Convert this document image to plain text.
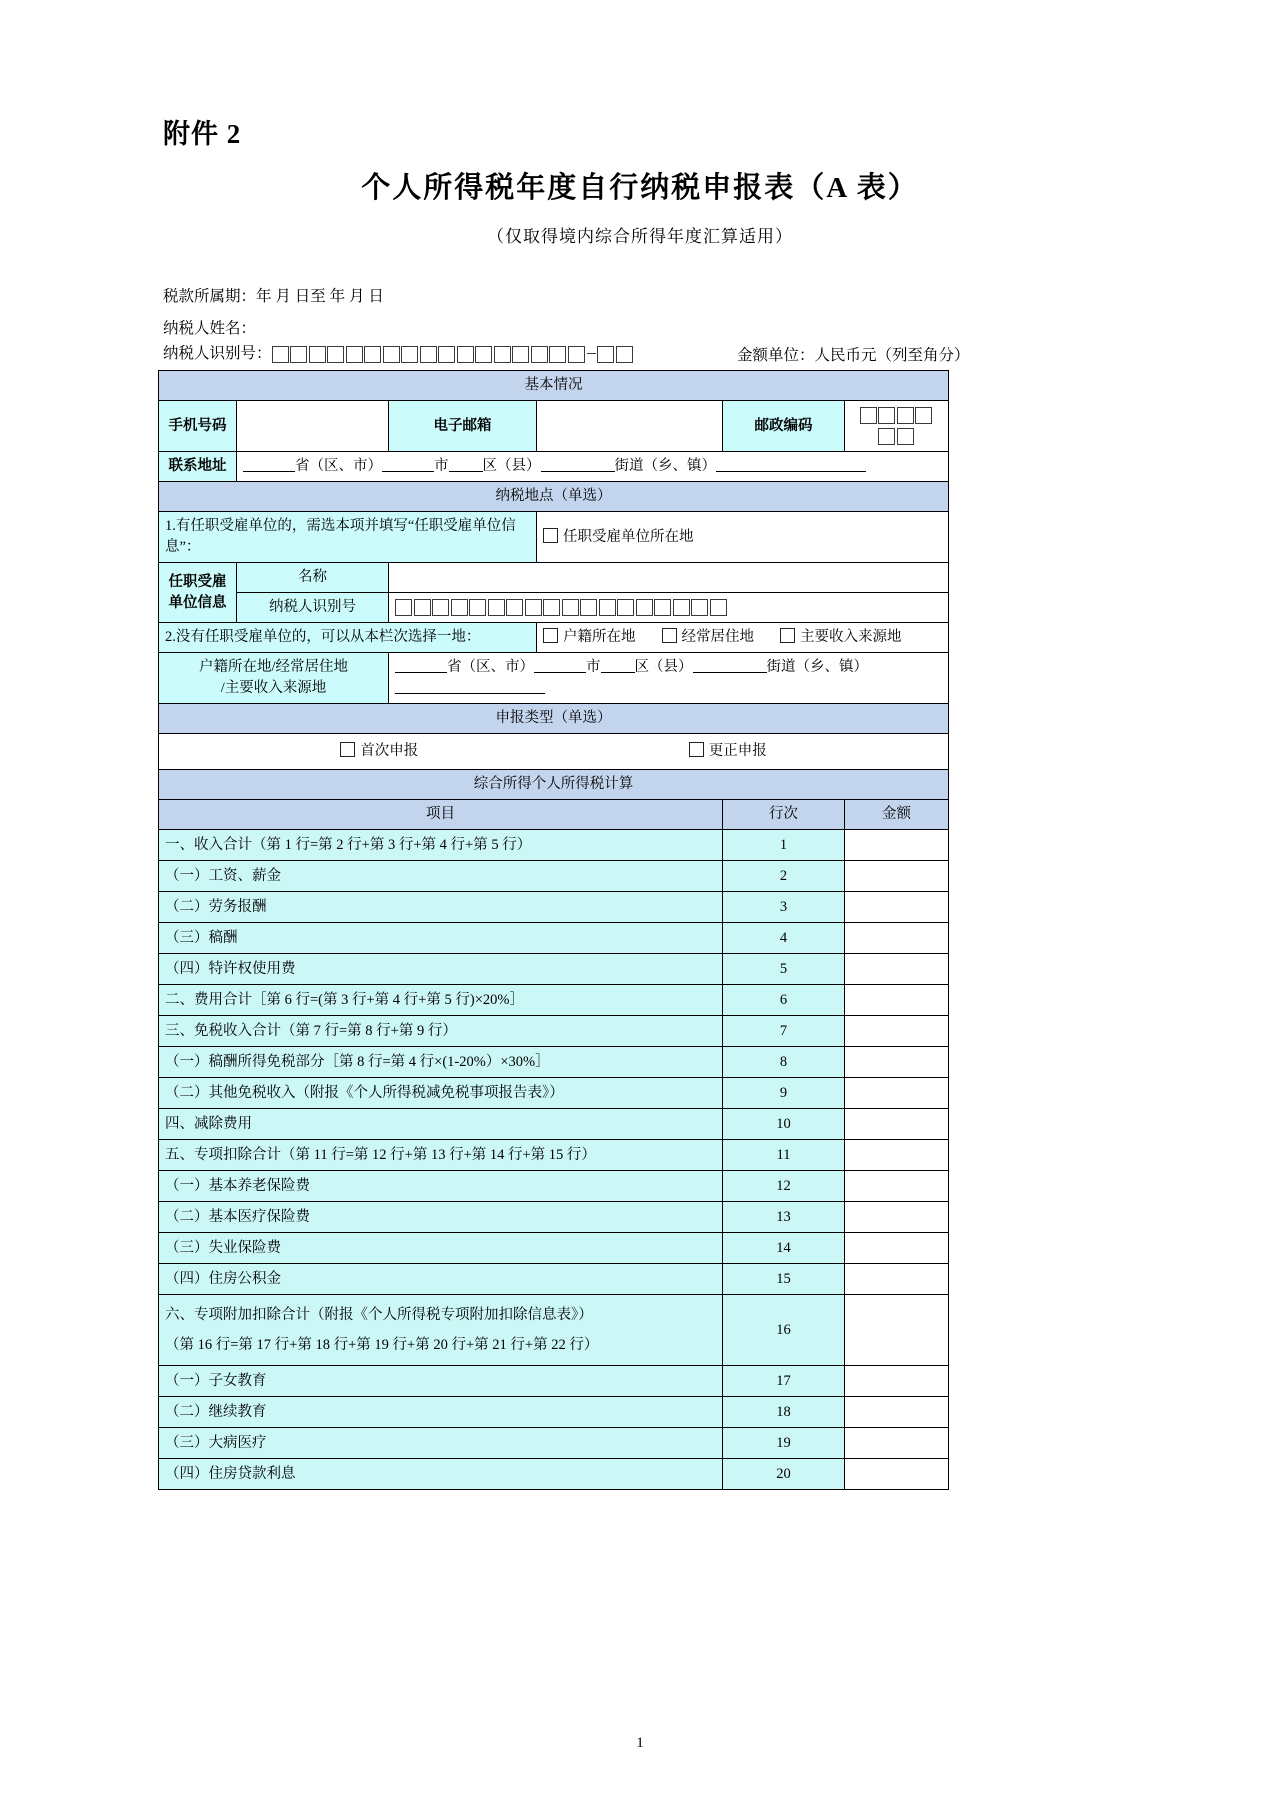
附件 2
个人所得税年度自行纳税申报表（A 表）
（仅取得境内综合所得年度汇算适用）
税款所属期：年 月 日至 年 月 日
纳税人姓名：
纳税人识别号：	金额单位：人民币元（列至角分）
基本情况					
手机号码		电子邮箱		邮政编码	
联系地址	省（区、市） 市 区（县） 街道（乡、镇）				
纳税地点（单选）					
1.有任职受雇单位的，需选本项并填写“任职受雇单位信息”：			任职受雇单位所在地		

任职受雇
单位信息	名称				
	纳税人识别号				
2.没有任职受雇单位的，可以从本栏次选择一地：			户籍所在地 经常居住地 主要收入来源地		

户籍所在地/经常居住地
/主要收入来源地		省（区、市） 市 区（县） 街道（乡、镇）			
申报类型（单选）					

首次申报 更正申报					

综合所得个人所得税计算					
项目				行次	金额
一、收入合计（第 1 行=第 2 行+第 3 行+第 4 行+第 5 行）				1	
（一）工资、薪金				2	
（二）劳务报酬				3	
（三）稿酬				4	
（四）特许权使用费				5	
二、费用合计［第 6 行=(第 3 行+第 4 行+第 5 行)×20%］				6	
三、免税收入合计（第 7 行=第 8 行+第 9 行）				7	
（一）稿酬所得免税部分［第 8 行=第 4 行×(1-20%）×30%］				8	
（二）其他免税收入（附报《个人所得税减免税事项报告表》）				9	
四、减除费用				10	
五、专项扣除合计（第 11 行=第 12 行+第 13 行+第 14 行+第 15 行）				11	
（一）基本养老保险费				12	
（二）基本医疗保险费				13	
（三）失业保险费				14	
（四）住房公积金				15	

六、专项附加扣除合计（附报《个人所得税专项附加扣除信息表》）
（第 16 行=第 17 行+第 18 行+第 19 行+第 20 行+第 21 行+第 22 行）				16	
（一）子女教育				17	
（二）继续教育				18	
（三）大病医疗				19	
（四）住房贷款利息				20	
1
